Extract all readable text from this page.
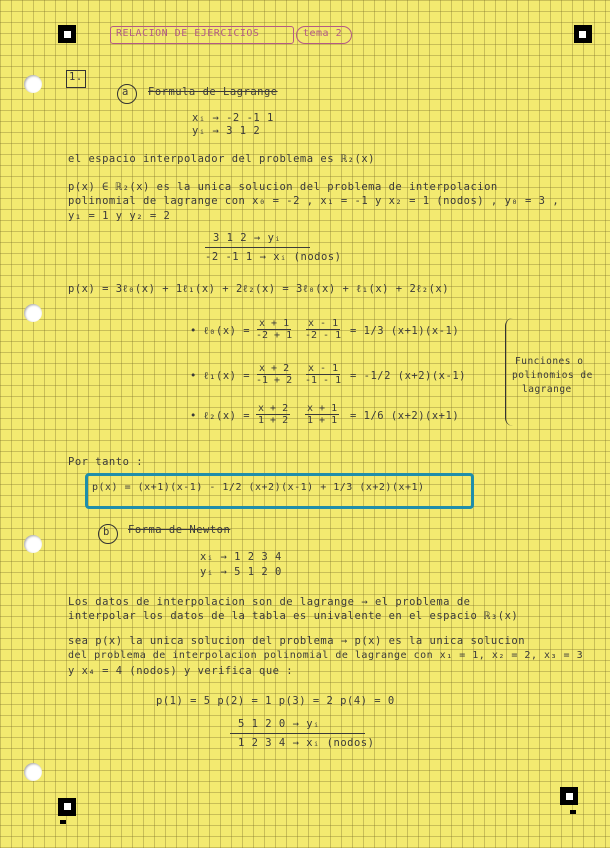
RELACION DE EJERCICIOS	tema 2
1.
a Formula de Lagrange
xᵢ → -2 -1 1
yᵢ → 3 1 2
el espacio interpolador del problema es ℝ₂(x)
p(x) ∈ ℝ₂(x) es la unica solucion del problema de interpolacion
polinomial de lagrange con x₀ = -2 , x₁ = -1 y x₂ = 1 (nodos) , y₀ = 3 ,
y₁ = 1 y y₂ = 2
3 1 2 → yᵢ
-2 -1 1 → xᵢ (nodos)
p(x) = 3ℓ₀(x) + 1ℓ₁(x) + 2ℓ₂(x) = 3ℓ₀(x) + ℓ₁(x) + 2ℓ₂(x)
• ℓ₀(x) = $\frac{x + 1}{-2 + 1} \frac{x - 1}{-2 - 1} = 1/3$ (x+1)(x-1)
• ℓ₁(x) = $\frac{x + 2}{-1 + 2} \frac{x - 1}{-1 - 1} = -1/2$ (x+2)(x-1)
• ℓ₂(x) = $\frac{x + 2}{1 + 2} \frac{x + 1}{1 + 1} = 1/6$ (x+2)(x+1)
Funciones o
polinomios de
lagrange
Por tanto :
p(x) = (x+1)(x-1) - 1/2 (x+2)(x-1) + 1/3 (x+2)(x+1)
b Forma de Newton
xᵢ → 1 2 3 4
yᵢ → 5 1 2 0
Los datos de interpolacion son de lagrange → el problema de
interpolar los datos de la tabla es univalente en el espacio ℝ₃(x)
sea p(x) la unica solucion del problema → p(x) es la unica solucion
del problema de interpolacion polinomial de lagrange con x₁ = 1, x₂ = 2, x₃ = 3
y x₄ = 4 (nodos) y verifica que :
p(1) = 5 p(2) = 1 p(3) = 2 p(4) = 0
5 1 2 0 → yᵢ
1 2 3 4 → xᵢ (nodos)
